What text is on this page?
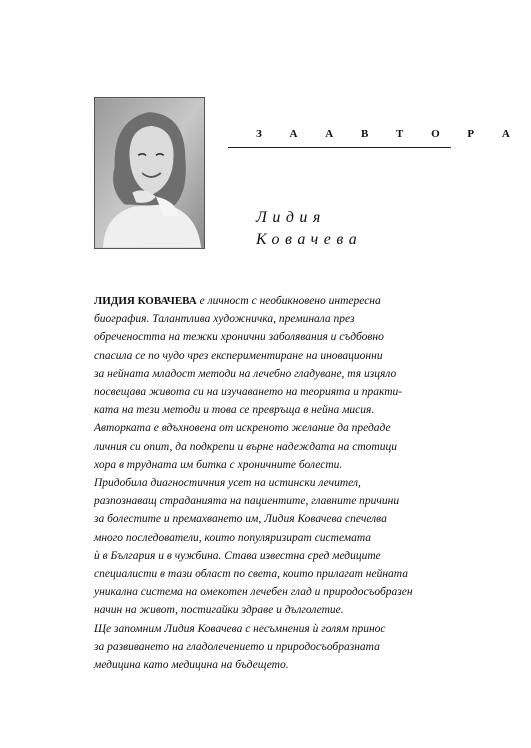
З А А В Т О Р А
Лидия
Ковачева
ЛИДИЯ КОВАЧЕВА е личност с необикновено интересна
биография. Талантлива художничка, преминала през
обречеността на тежки хронични заболявания и съдбовно
спасила се по чудо чрез експериментиране на иновационни
за нейната младост методи на лечебно гладуване, тя изцяло
посвещава живота си на изучаването на теорията и практи-
ката на тези методи и това се превръща в нейна мисия.
Авторката е вдъхновена от искреното желание да предаде
личния си опит, да подкрепи и върне надеждата на стотици
хора в трудната им битка с хроничните болести.
Придобила диагностичния усет на истински лечител,
разпознаващ страданията на пациентите, главните причини
за болестите и премахването им, Лидия Ковачева спечелва
много последователи, които популяризират системата
ѝ в България и в чужбина. Става известна сред медиците
специалисти в тази област по света, които прилагат нейната
уникална система на омекотен лечебен глад и природосъобразен
начин на живот, постигайки здраве и дълголетие.
Ще запомним Лидия Ковачева с несъмнения ѝ голям принос
за развиването на гладолечението и природосъобразната
медицина като медицина на бъдещето.
